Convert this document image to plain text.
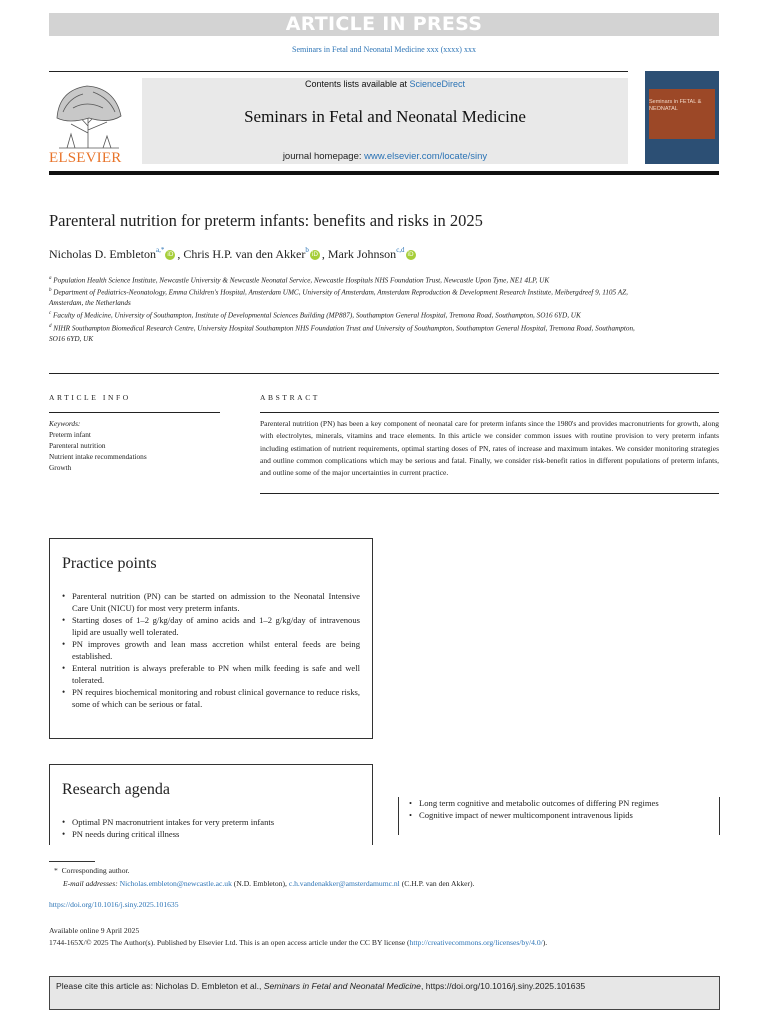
ARTICLE IN PRESS
Seminars in Fetal and Neonatal Medicine xxx (xxxx) xxx
ELSEVIER
Contents lists available at ScienceDirect
Seminars in Fetal and Neonatal Medicine
journal homepage: www.elsevier.com/locate/siny
Seminars in FETAL & NEONATAL
Parenteral nutrition for preterm infants: benefits and risks in 2025
Nicholas D. Embleton$^{a,*}$iD , Chris H.P. van den Akker$^b$iD , Mark Johnson$^{c,d}$iD

$^a$ Population Health Science Institute, Newcastle University & Newcastle Neonatal Service, Newcastle Hospitals NHS Foundation Trust, Newcastle Upon Tyne, NE1 4LP, UK

$^b$ Department of Pediatrics-Neonatology, Emma Children's Hospital, Amsterdam UMC, University of Amsterdam, Amsterdam Reproduction & Development Research Institute, Meibergdreef 9, 1105 AZ, Amsterdam, the Netherlands

$^c$ Faculty of Medicine, University of Southampton, Institute of Developmental Sciences Building (MP887), Southampton General Hospital, Tremona Road, Southampton, SO16 6YD, UK

$^d$ NIHR Southampton Biomedical Research Centre, University Hospital Southampton NHS Foundation Trust and University of Southampton, Southampton General Hospital, Tremona Road, Southampton, SO16 6YD, UK

ARTICLE INFO
Keywords:
Preterm infant
Parenteral nutrition
Nutrient intake recommendations
Growth
ABSTRACT
Parenteral nutrition (PN) has been a key component of neonatal care for preterm infants since the 1980's and provides macronutrients for growth, along with electrolytes, minerals, vitamins and trace elements. In this article we consider common issues with routine provision to very preterm infants including estimation of nutrient requirements, optimal starting doses of PN, rates of increase and maximum intakes. We consider monitoring strategies and outline common complications which may be serious and fatal. Finally, we consider risk-benefit ratios in different populations of preterm infants, and outline some of the major uncertainties in current practice.
Practice points
• Parenteral nutrition (PN) can be started on admission to the Neonatal Intensive Care Unit (NICU) for most very preterm infants.
• Starting doses of 1–2 g/kg/day of amino acids and 1–2 g/kg/day of intravenous lipid are usually well tolerated.
• PN improves growth and lean mass accretion whilst enteral feeds are being established.
• Enteral nutrition is always preferable to PN when milk feeding is safe and well tolerated.
• PN requires biochemical monitoring and robust clinical governance to reduce risks, some of which can be serious or fatal.
Research agenda
• Optimal PN macronutrient intakes for very preterm infants
• PN needs during critical illness
• Long term cognitive and metabolic outcomes of differing PN regimes
• Cognitive impact of newer multicomponent intravenous lipids
* Corresponding author.
E-mail addresses: Nicholas.embleton@newcastle.ac.uk (N.D. Embleton), c.h.vandenakker@amsterdamumc.nl (C.H.P. van den Akker).
https://doi.org/10.1016/j.siny.2025.101635
Available online 9 April 2025
1744-165X/© 2025 The Author(s). Published by Elsevier Ltd. This is an open access article under the CC BY license (http://creativecommons.org/licenses/by/4.0/).
Please cite this article as: Nicholas D. Embleton et al., Seminars in Fetal and Neonatal Medicine, https://doi.org/10.1016/j.siny.2025.101635
